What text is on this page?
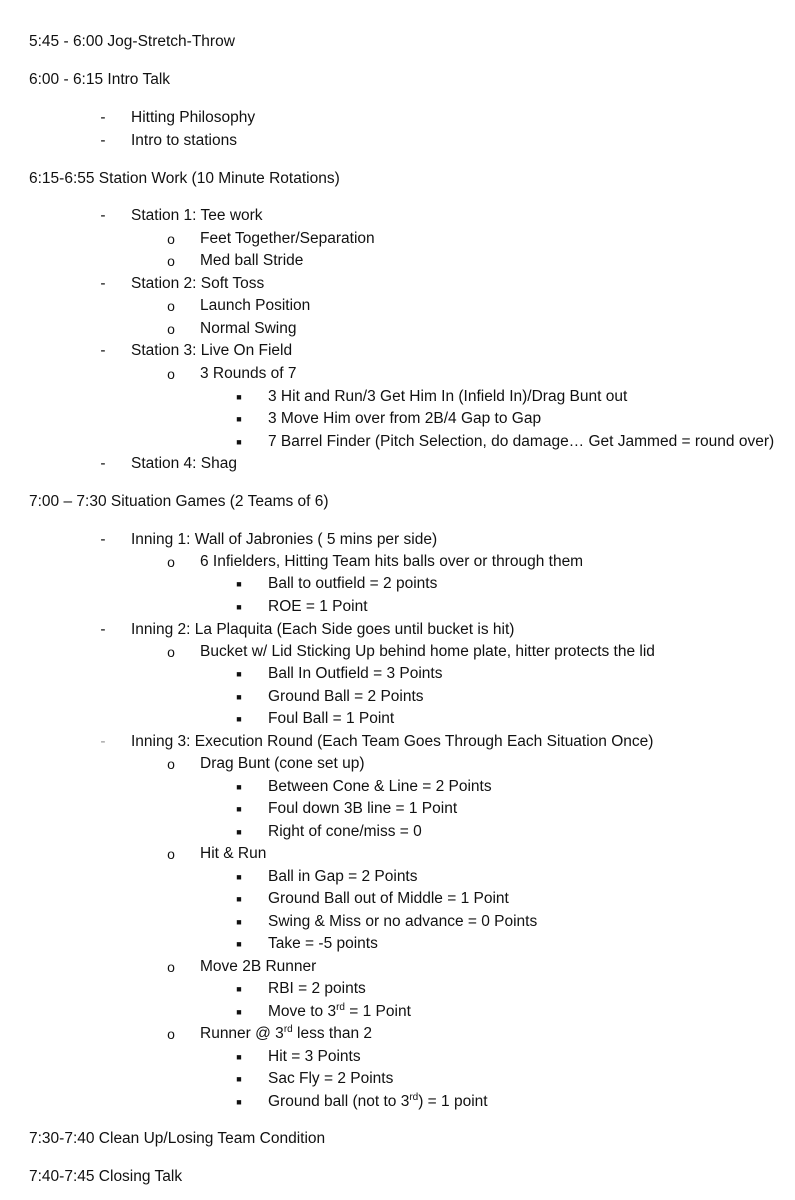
5:45 - 6:00 Jog-Stretch-Throw
6:00 - 6:15 Intro Talk
-	Hitting Philosophy
-	Intro to stations
6:15-6:55 Station Work (10 Minute Rotations)
-	Station 1: Tee work
o	Feet Together/Separation
o	Med ball Stride
-	Station 2: Soft Toss
o	Launch Position
o	Normal Swing
-	Station 3: Live On Field
o	3 Rounds of 7
■	3 Hit and Run/3 Get Him In (Infield In)/Drag Bunt out
■	3 Move Him over from 2B/4 Gap to Gap
■	7 Barrel Finder (Pitch Selection, do damage… Get Jammed = round over)
-	Station 4: Shag
7:00 – 7:30 Situation Games (2 Teams of 6)
-	Inning 1: Wall of Jabronies ( 5 mins per side)
o	6 Infielders, Hitting Team hits balls over or through them
■	Ball to outfield = 2 points
■	ROE = 1 Point
-	Inning 2: La Plaquita (Each Side goes until bucket is hit)
o	Bucket w/ Lid Sticking Up behind home plate, hitter protects the lid
■	Ball In Outfield = 3 Points
■	Ground Ball = 2 Points
■	Foul Ball = 1 Point
-	Inning 3: Execution Round (Each Team Goes Through Each Situation Once)
o	Drag Bunt (cone set up)
■	Between Cone & Line = 2 Points
■	Foul down 3B line = 1 Point
■	Right of cone/miss = 0
o	Hit & Run
■	Ball in Gap = 2 Points
■	Ground Ball out of Middle = 1 Point
■	Swing & Miss or no advance = 0 Points
■	Take = -5 points
o	Move 2B Runner
■	RBI = 2 points
■	Move to 3rd = 1 Point
o	Runner @ 3rd less than 2
■	Hit = 3 Points
■	Sac Fly = 2 Points
■	Ground ball (not to 3rd) = 1 point
7:30-7:40 Clean Up/Losing Team Condition
7:40-7:45 Closing Talk
